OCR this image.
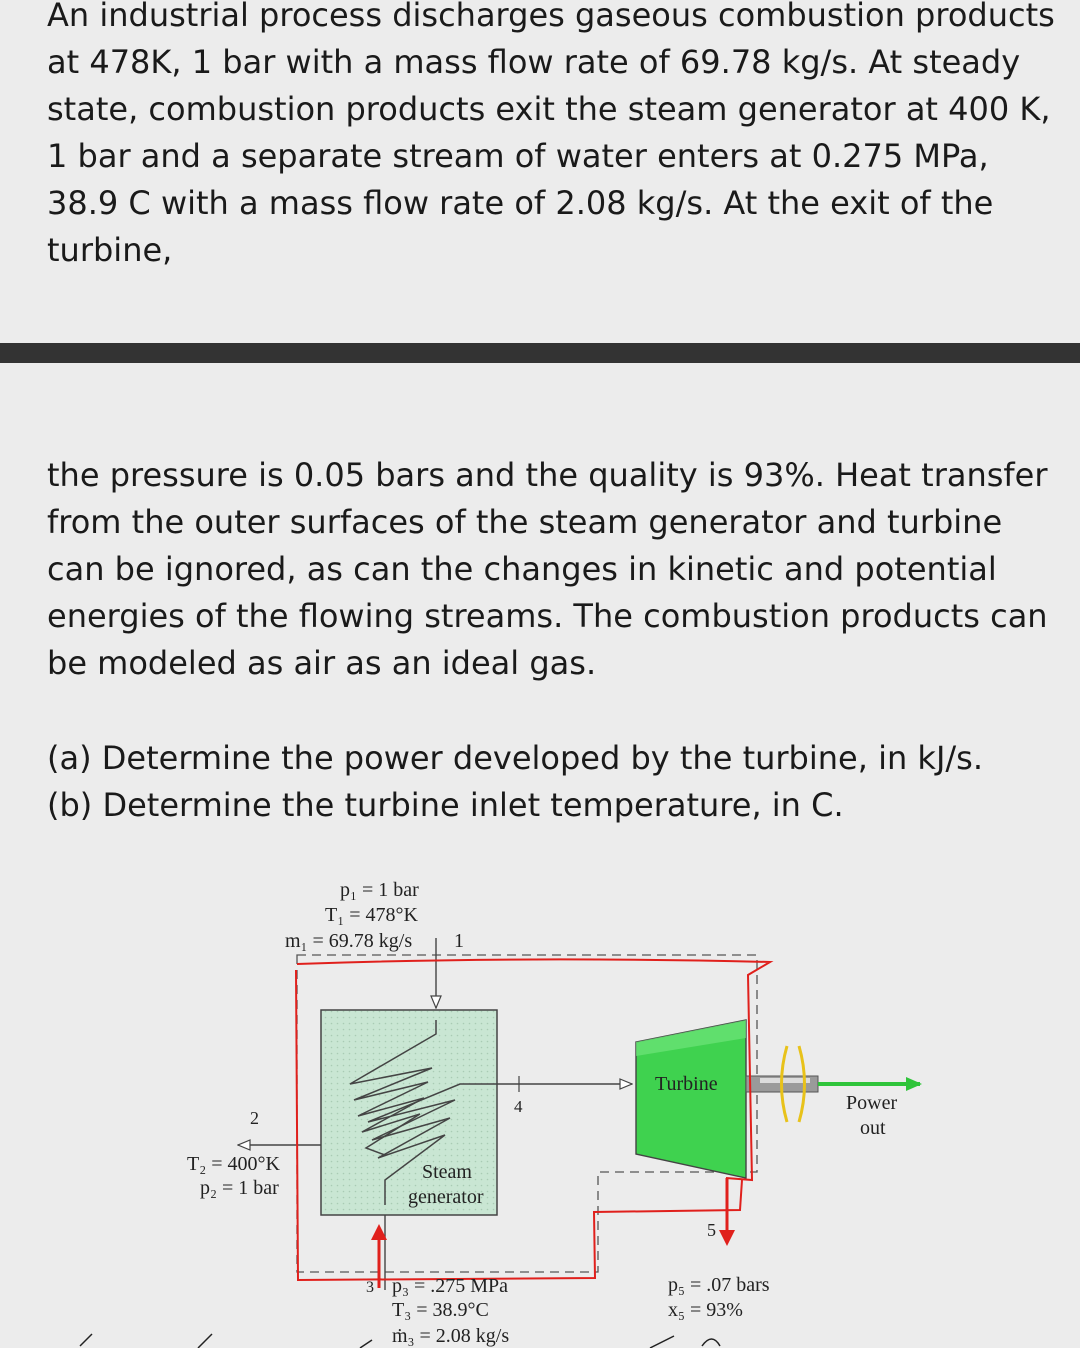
An industrial process discharges gaseous combustion products at 478K, 1 bar with a mass flow rate of 69.78 kg/s. At steady state, combustion products exit the steam generator at 400 K, 1 bar and a separate stream of water enters at 0.275 MPa, 38.9 C with a mass flow rate of 2.08 kg/s. At the exit of the turbine,

the pressure is 0.05 bars and the quality is 93%. Heat transfer from the outer surfaces of the steam generator and turbine can be ignored, as can the changes in kinetic and potential energies of the flowing streams. The combustion products can be modeled as air as an ideal gas.

(a) Determine the power developed by the turbine, in kJ/s.

(b) Determine the turbine inlet temperature, in C.

p₁ = 1 bar
T₁ = 478°K
m₁ = 69.78 kg/s 1
2
T₂ = 400°K
p₂ = 1 bar
4
Steam
generator
Turbine
Power
out
5
p₅ = .07 bars
x₅ = 93%
3 p₃ = .275 MPa
T₃ = 38.9°C
ṁ₃ = 2.08 kg/s
